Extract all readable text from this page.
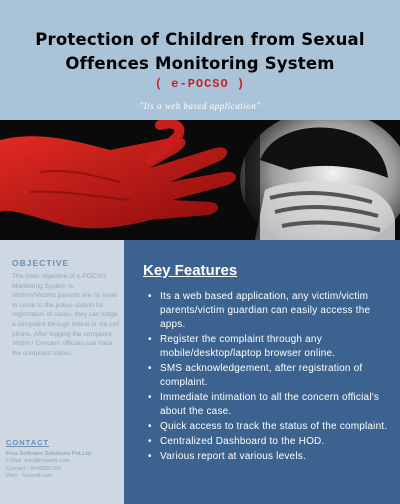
Protection of Children from Sexual
Offences Monitoring System
( e-POCSO )
"Its a web based application"
OBJECTIVE
The main objective of e-POCSO Monitoring System is, Victims/Victims parents are no need to come to the police station for registration of cases, they can lodge a complaint through online or via cell phone. After logging the complaint Victim / Concern officials can track the complaint status.
CONTACT
Frux Software Solutions Pvt.Ltd
e-Mail: info@fruxsoft.com
Contact : 9440696180
Web : fruxsoft.com
Key Features
• Its a web based application, any victim/victim parents/victim guardian can easily access the apps.
• Register the complaint through any mobile/desktop/laptop browser online.
• SMS acknowledgement, after registration of complaint.
• Immediate intimation to all the concern official's about the case.
• Quick access to track the status of the complaint.
• Centralized Dashboard to the HOD.
• Various report at various levels.
